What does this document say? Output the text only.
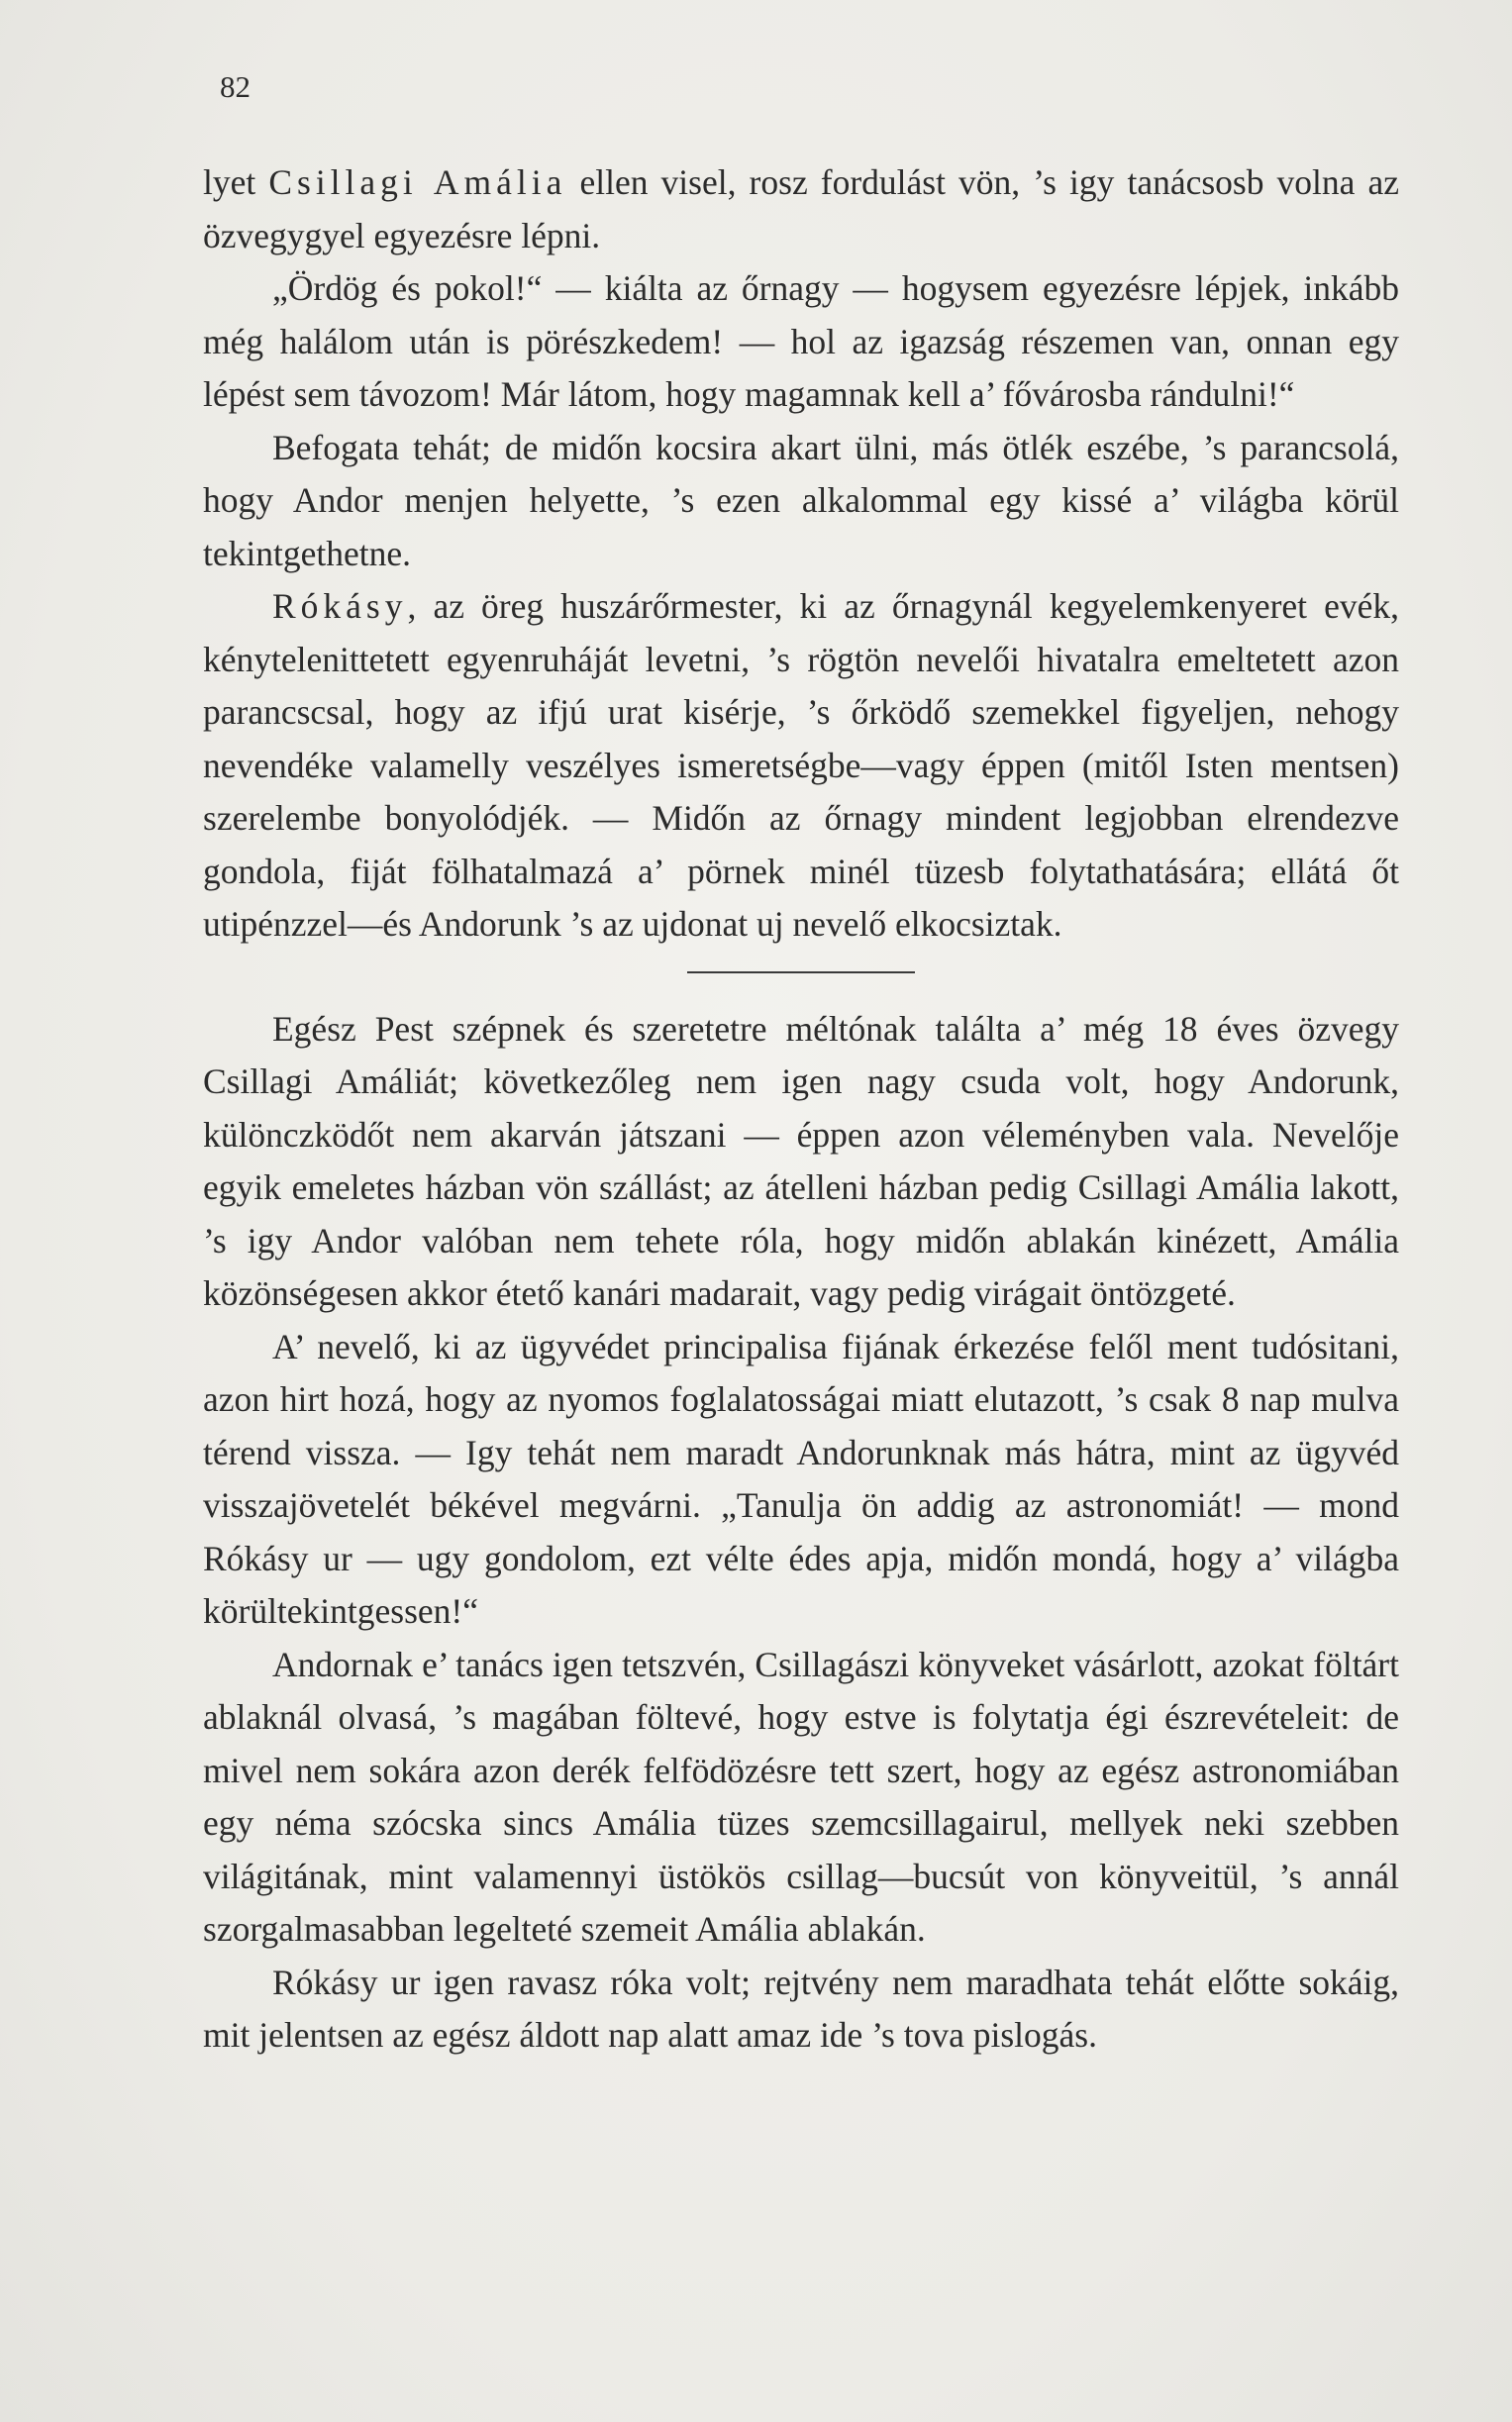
82

lyet Csillagi Amália ellen visel, rosz fordulást vön, ’s igy tanácsosb volna az özvegygyel egyezésre lépni.

„Ördög és pokol!“ — kiálta az őrnagy — hogysem egyezésre lépjek, inkább még halálom után is pörészkedem! — hol az igazság részemen van, onnan egy lépést sem távozom! Már látom, hogy magamnak kell a’ fővárosba rándulni!“

Befogata tehát; de midőn kocsira akart ülni, más ötlék eszébe, ’s parancsolá, hogy Andor menjen helyette, ’s ezen alkalommal egy kissé a’ világba körül tekintgethetne.

Rókásy, az öreg huszárőrmester, ki az őrnagynál kegyelemkenyeret evék, kénytelenittetett egyenruháját levetni, ’s rögtön nevelői hivatalra emeltetett azon parancscsal, hogy az ifjú urat kisérje, ’s őrködő szemekkel figyeljen, nehogy nevendéke valamelly veszélyes ismeretségbe—vagy éppen (mitől Isten mentsen) szerelembe bonyolódjék. — Midőn az őrnagy mindent legjobban elrendezve gondola, fiját fölhatalmazá a’ pörnek minél tüzesb folytathatására; ellátá őt utipénzzel—és Andorunk ’s az ujdonat uj nevelő elkocsiztak.

Egész Pest szépnek és szeretetre méltónak találta a’ még 18 éves özvegy Csillagi Amáliát; következőleg nem igen nagy csuda volt, hogy Andorunk, különczködőt nem akarván játszani — éppen azon véleményben vala. Nevelője egyik emeletes házban vön szállást; az átelleni házban pedig Csillagi Amália lakott, ’s igy Andor valóban nem tehete róla, hogy midőn ablakán kinézett, Amália közönségesen akkor étető kanári madarait, vagy pedig virágait öntözgeté.

A’ nevelő, ki az ügyvédet principalisa fijának érkezése felől ment tudósitani, azon hirt hozá, hogy az nyomos foglalatosságai miatt elutazott, ’s csak 8 nap mulva térend vissza. — Igy tehát nem maradt Andorunknak más hátra, mint az ügyvéd visszajövetelét békével megvárni. „Tanulja ön addig az astronomiát! — mond Rókásy ur — ugy gondolom, ezt vélte édes apja, midőn mondá, hogy a’ világba körültekintgessen!“

Andornak e’ tanács igen tetszvén, Csillagászi könyveket vásárlott, azokat föltárt ablaknál olvasá, ’s magában föltevé, hogy estve is folytatja égi észrevételeit: de mivel nem sokára azon derék felfödözésre tett szert, hogy az egész astronomiában egy néma szócska sincs Amália tüzes szemcsillagairul, mellyek neki szebben világitának, mint valamennyi üstökös csillag—bucsút von könyveitül, ’s annál szorgalmasabban legelteté szemeit Amália ablakán.

Rókásy ur igen ravasz róka volt; rejtvény nem maradhata tehát előtte sokáig, mit jelentsen az egész áldott nap alatt amaz ide ’s tova pislogás.
